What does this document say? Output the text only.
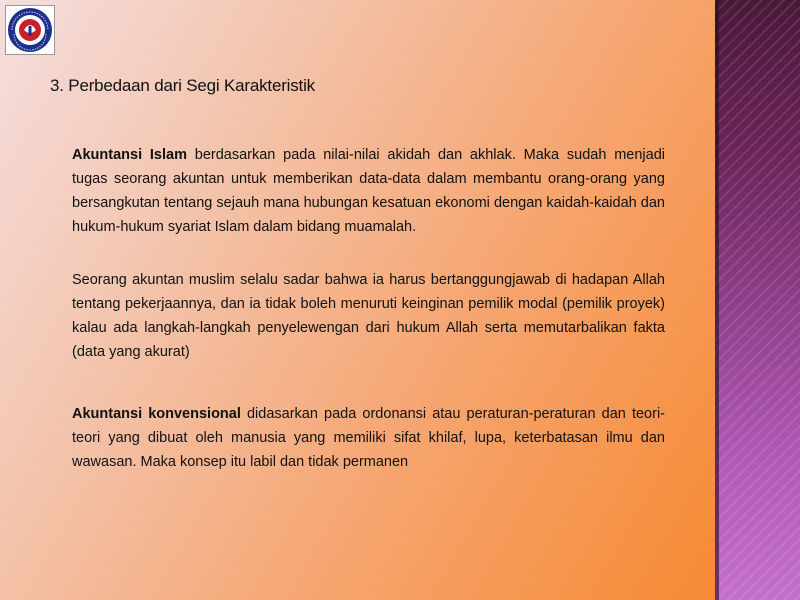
3. Perbedaan dari Segi Karakteristik

Akuntansi Islam berdasarkan pada nilai-nilai akidah dan akhlak. Maka sudah menjadi tugas seorang akuntan untuk memberikan data-data dalam membantu orang-orang yang bersangkutan tentang sejauh mana hubungan kesatuan ekonomi dengan kaidah-kaidah dan hukum-hukum syariat Islam dalam bidang muamalah.

Seorang akuntan muslim selalu sadar bahwa ia harus bertanggungjawab di hadapan Allah tentang pekerjaannya, dan ia tidak boleh menuruti keinginan pemilik modal (pemilik proyek) kalau ada langkah-langkah penyelewengan dari hukum Allah serta memutarbalikan fakta (data yang akurat)

Akuntansi konvensional didasarkan pada ordonansi atau peraturan-peraturan dan teori-teori yang dibuat oleh manusia yang memiliki sifat khilaf, lupa, keterbatasan ilmu dan wawasan. Maka konsep itu labil dan tidak permanen
